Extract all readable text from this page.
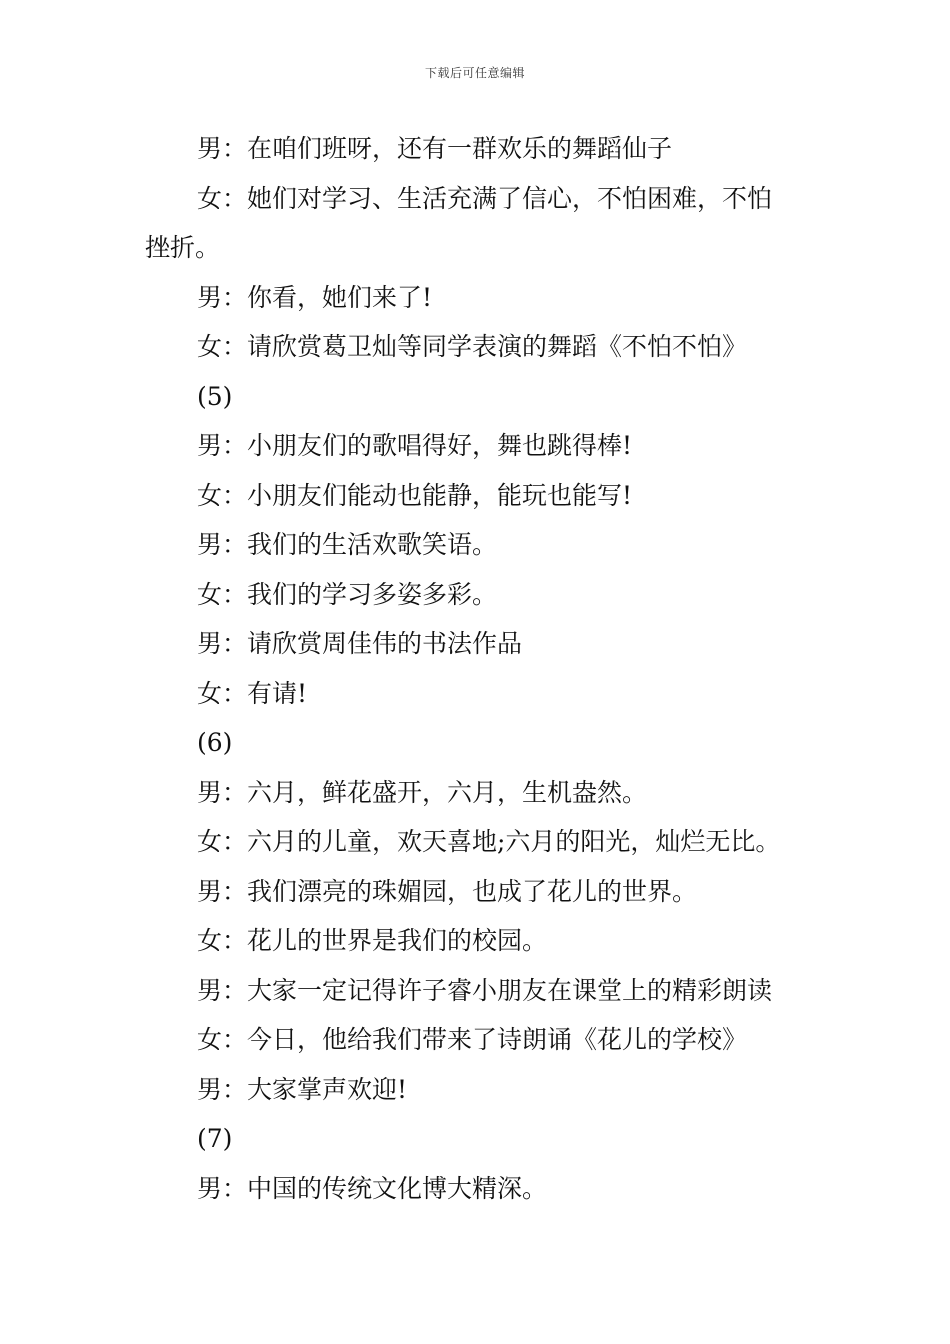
下载后可任意编辑
男：在咱们班呀，还有一群欢乐的舞蹈仙子
女：她们对学习、生活充满了信心，不怕困难，不怕
挫折。
男：你看，她们来了!
女：请欣赏葛卫灿等同学表演的舞蹈《不怕不怕》
(5)
男：小朋友们的歌唱得好，舞也跳得棒!
女：小朋友们能动也能静，能玩也能写!
男：我们的生活欢歌笑语。
女：我们的学习多姿多彩。
男：请欣赏周佳伟的书法作品
女：有请!
(6)
男：六月，鲜花盛开，六月，生机盎然。
女：六月的儿童，欢天喜地;六月的阳光，灿烂无比。
男：我们漂亮的珠媚园，也成了花儿的世界。
女：花儿的世界是我们的校园。
男：大家一定记得许子睿小朋友在课堂上的精彩朗读
女：今日，他给我们带来了诗朗诵《花儿的学校》
男：大家掌声欢迎!
(7)
男：中国的传统文化博大精深。
